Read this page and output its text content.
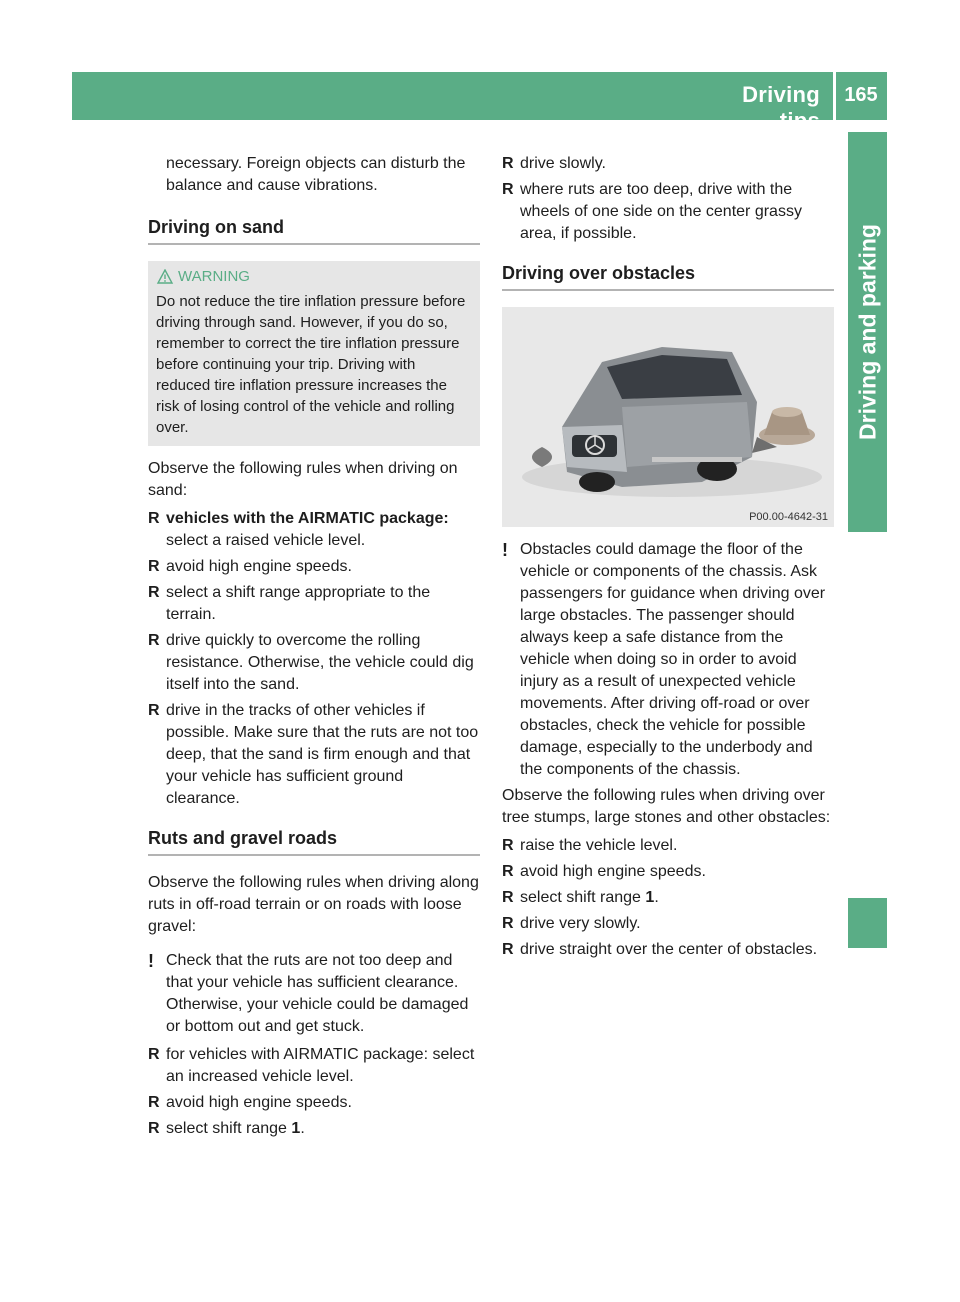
Driving tips
165
Driving and parking

necessary. Foreign objects can disturb the balance and cause vibrations.

Driving on sand
WARNING
Do not reduce the tire inflation pressure before driving through sand. However, if you do so, remember to correct the tire inflation pressure before continuing your trip. Driving with reduced tire inflation pressure increases the risk of losing control of the vehicle and rolling over.

Observe the following rules when driving on sand:

R vehicles with the AIRMATIC package:
select a raised vehicle level.
R avoid high engine speeds.
R select a shift range appropriate to the terrain.
R drive quickly to overcome the rolling resistance. Otherwise, the vehicle could dig itself into the sand.
R drive in the tracks of other vehicles if possible. Make sure that the ruts are not too deep, that the sand is firm enough and that your vehicle has sufficient ground clearance.
Ruts and gravel roads

Observe the following rules when driving along ruts in off-road terrain or on roads with loose gravel:

! Check that the ruts are not too deep and that your vehicle has sufficient clearance. Otherwise, your vehicle could be damaged or bottom out and get stuck.
R for vehicles with AIRMATIC package: select an increased vehicle level.
R avoid high engine speeds.
R select shift range 1.
R drive slowly.
R where ruts are too deep, drive with the wheels of one side on the center grassy area, if possible.
Driving over obstacles
P00.00-4642-31
! Obstacles could damage the floor of the vehicle or components of the chassis. Ask passengers for guidance when driving over large obstacles. The passenger should always keep a safe distance from the vehicle when doing so in order to avoid injury as a result of unexpected vehicle movements. After driving off-road or over obstacles, check the vehicle for possible damage, especially to the underbody and the components of the chassis.

Observe the following rules when driving over tree stumps, large stones and other obstacles:

R raise the vehicle level.
R avoid high engine speeds.
R select shift range 1.
R drive very slowly.
R drive straight over the center of obstacles.
